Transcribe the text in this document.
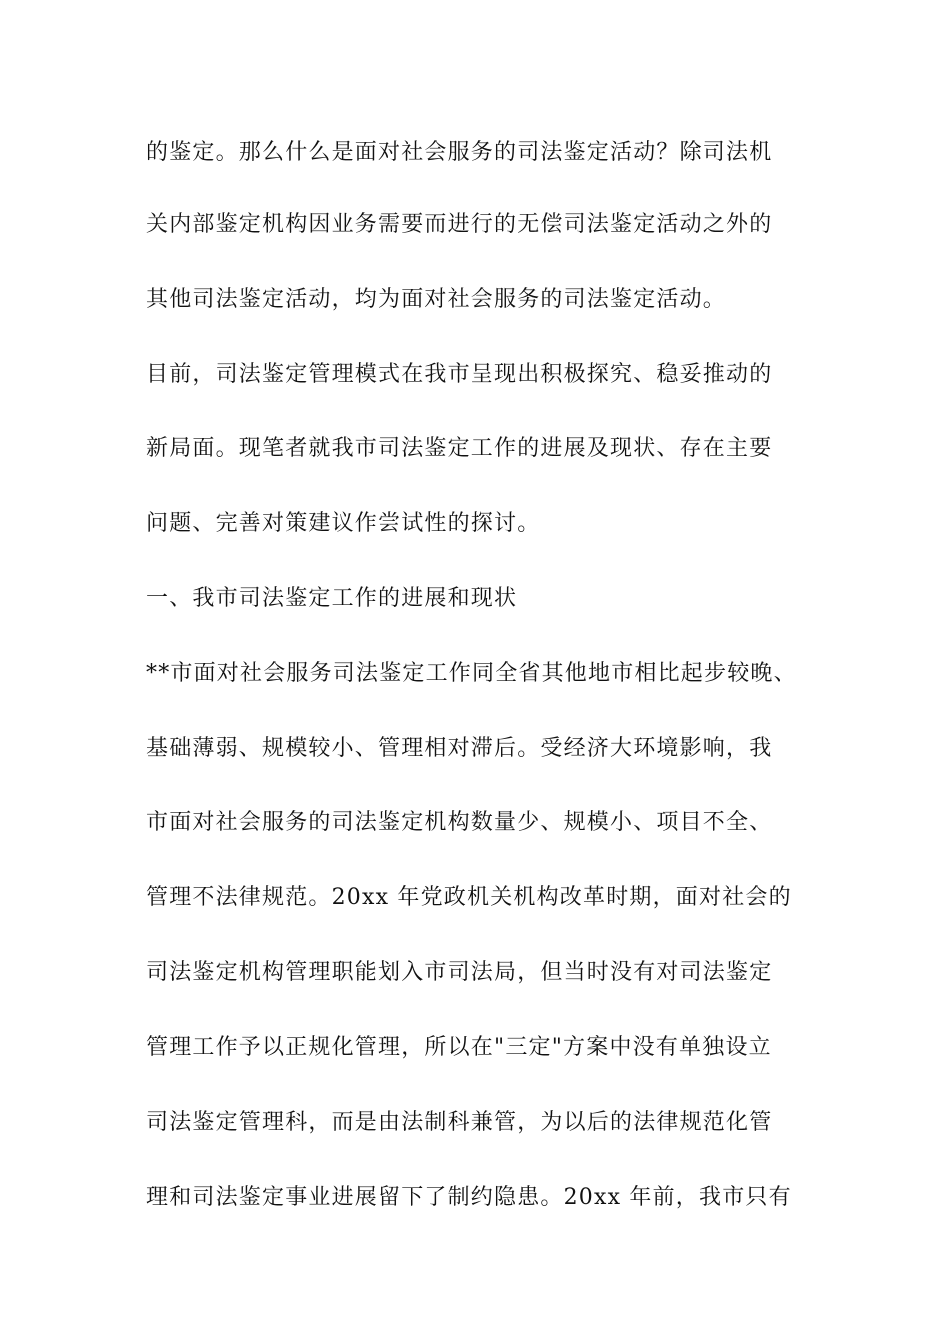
的鉴定。那么什么是面对社会服务的司法鉴定活动？除司法机
关内部鉴定机构因业务需要而进行的无偿司法鉴定活动之外的
其他司法鉴定活动，均为面对社会服务的司法鉴定活动。
目前，司法鉴定管理模式在我市呈现出积极探究、稳妥推动的
新局面。现笔者就我市司法鉴定工作的进展及现状、存在主要
问题、完善对策建议作尝试性的探讨。
一、我市司法鉴定工作的进展和现状
**市面对社会服务司法鉴定工作同全省其他地市相比起步较晚、
基础薄弱、规模较小、管理相对滞后。受经济大环境影响，我
市面对社会服务的司法鉴定机构数量少、规模小、项目不全、
管理不法律规范。20xx 年党政机关机构改革时期，面对社会的
司法鉴定机构管理职能划入市司法局，但当时没有对司法鉴定
管理工作予以正规化管理，所以在"三定"方案中没有单独设立
司法鉴定管理科，而是由法制科兼管，为以后的法律规范化管
理和司法鉴定事业进展留下了制约隐患。20xx 年前，我市只有
